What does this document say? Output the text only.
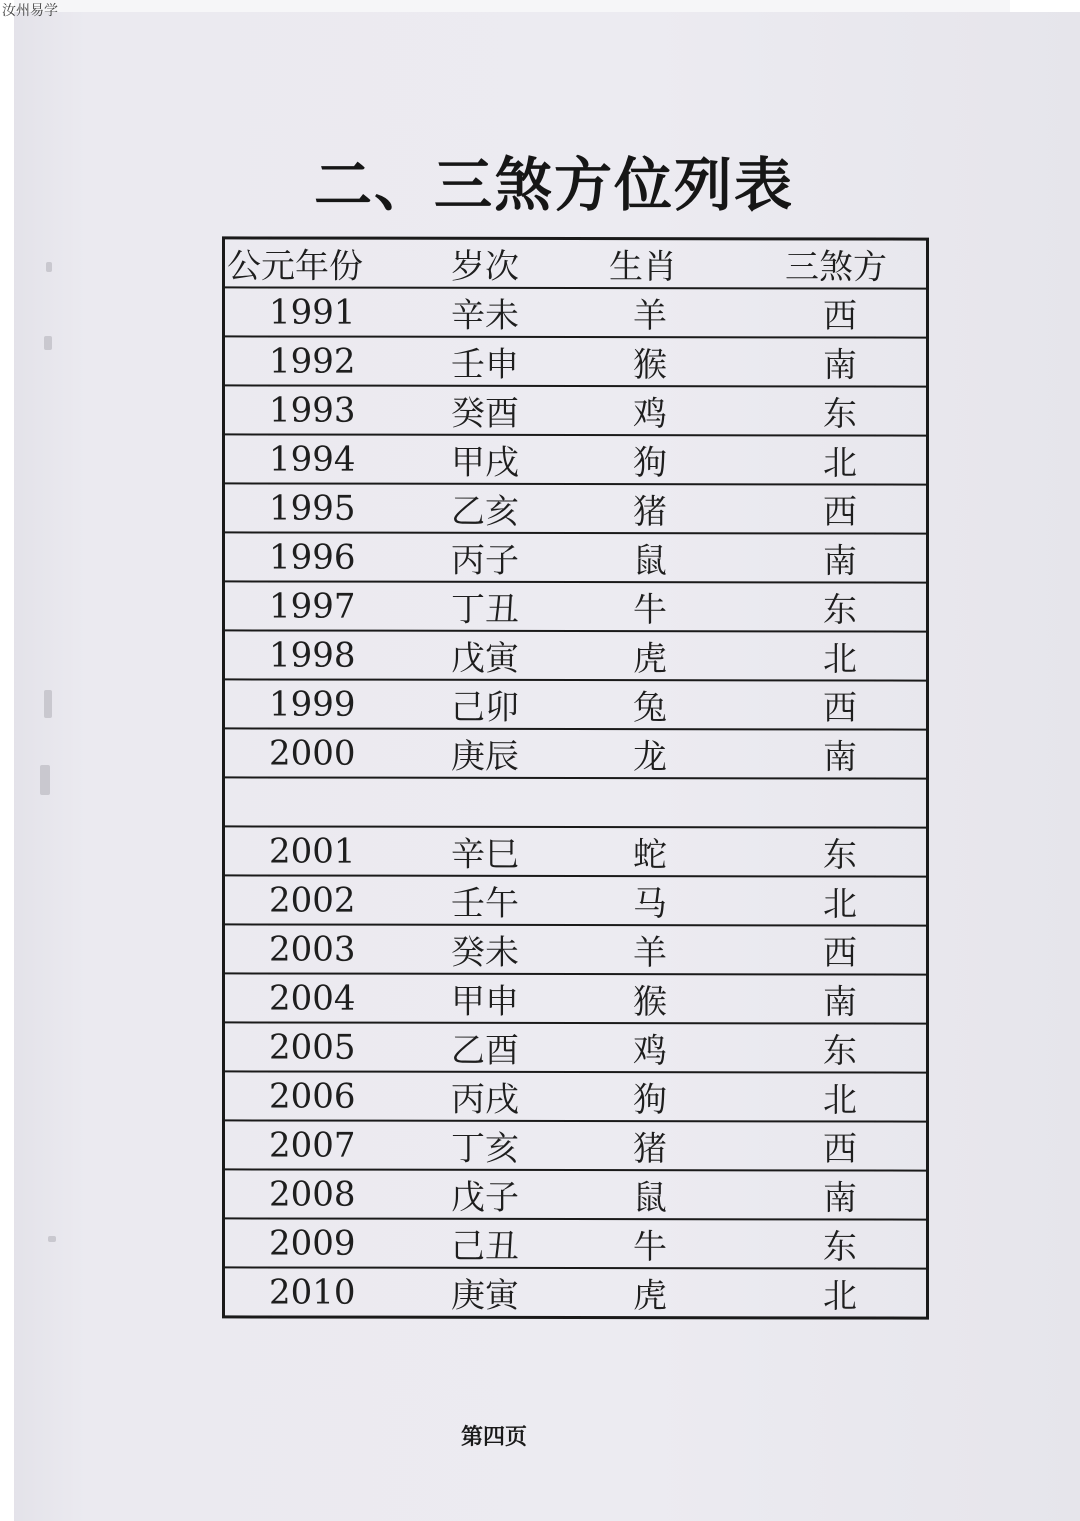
汝州易学
二、三煞方位列表
公元年份	岁次	生肖	三煞方
1991	辛未	羊	西
1992	壬申	猴	南
1993	癸酉	鸡	东
1994	甲戌	狗	北
1995	乙亥	猪	西
1996	丙子	鼠	南
1997	丁丑	牛	东
1998	戊寅	虎	北
1999	己卯	兔	西
2000	庚辰	龙	南
2001	辛巳	蛇	东
2002	壬午	马	北
2003	癸未	羊	西
2004	甲申	猴	南
2005	乙酉	鸡	东
2006	丙戌	狗	北
2007	丁亥	猪	西
2008	戊子	鼠	南
2009	己丑	牛	东
2010	庚寅	虎	北
第四页
